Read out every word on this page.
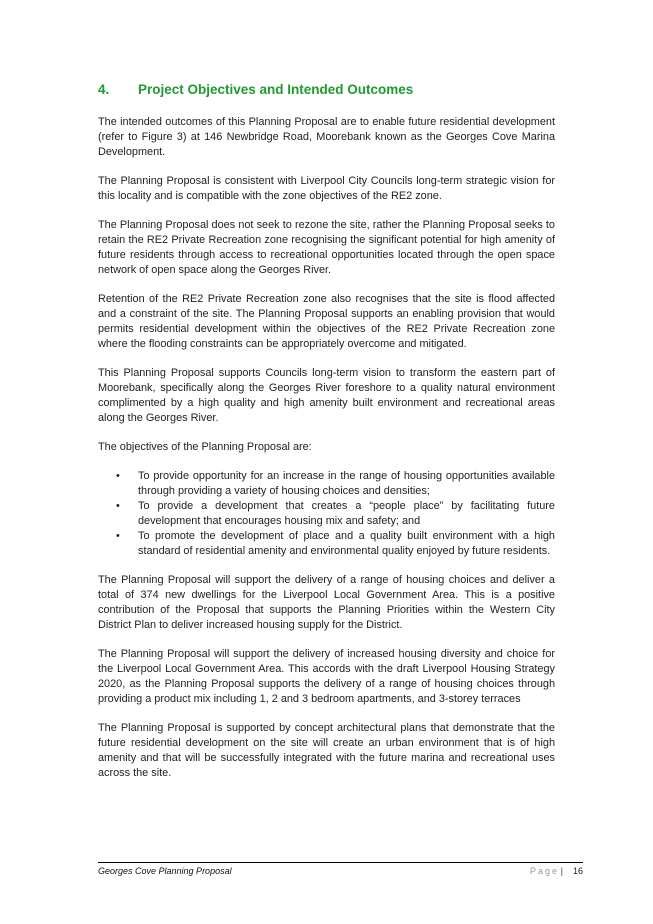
4.	Project Objectives and Intended Outcomes

The intended outcomes of this Planning Proposal are to enable future residential development (refer to Figure 3) at 146 Newbridge Road, Moorebank known as the Georges Cove Marina Development.

The Planning Proposal is consistent with Liverpool City Councils long-term strategic vision for this locality and is compatible with the zone objectives of the RE2 zone.

The Planning Proposal does not seek to rezone the site, rather the Planning Proposal seeks to retain the RE2 Private Recreation zone recognising the significant potential for high amenity of future residents through access to recreational opportunities located through the open space network of open space along the Georges River.

Retention of the RE2 Private Recreation zone also recognises that the site is flood affected and a constraint of the site. The Planning Proposal supports an enabling provision that would permits residential development within the objectives of the RE2 Private Recreation zone where the flooding constraints can be appropriately overcome and mitigated.

This Planning Proposal supports Councils long-term vision to transform the eastern part of Moorebank, specifically along the Georges River foreshore to a quality natural environment complimented by a high quality and high amenity built environment and recreational areas along the Georges River.

The objectives of the Planning Proposal are:

• To provide opportunity for an increase in the range of housing opportunities available through providing a variety of housing choices and densities;
• To provide a development that creates a “people place” by facilitating future development that encourages housing mix and safety; and
• To promote the development of place and a quality built environment with a high standard of residential amenity and environmental quality enjoyed by future residents.

The Planning Proposal will support the delivery of a range of housing choices and deliver a total of 374 new dwellings for the Liverpool Local Government Area. This is a positive contribution of the Proposal that supports the Planning Priorities within the Western City District Plan to deliver increased housing supply for the District.

The Planning Proposal will support the delivery of increased housing diversity and choice for the Liverpool Local Government Area. This accords with the draft Liverpool Housing Strategy 2020, as the Planning Proposal supports the delivery of a range of housing choices through providing a product mix including 1, 2 and 3 bedroom apartments, and 3-storey terraces

The Planning Proposal is supported by concept architectural plans that demonstrate that the future residential development on the site will create an urban environment that is of high amenity and that will be successfully integrated with the future marina and recreational uses across the site.

Georges Cove Planning Proposal	Page | 16
